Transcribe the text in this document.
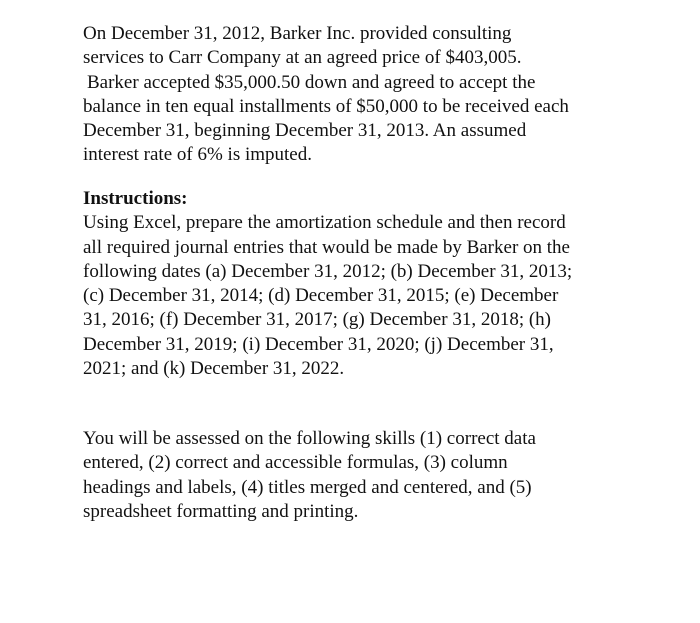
On December 31, 2012, Barker Inc. provided consulting
services to Carr Company at an agreed price of $403,005.
Barker accepted $35,000.50 down and agreed to accept the
balance in ten equal installments of $50,000 to be received each
December 31, beginning December 31, 2013. An assumed
interest rate of 6% is imputed.
Instructions:
Using Excel, prepare the amortization schedule and then record
all required journal entries that would be made by Barker on the
following dates (a) December 31, 2012; (b) December 31, 2013;
(c) December 31, 2014; (d) December 31, 2015; (e) December
31, 2016; (f) December 31, 2017; (g) December 31, 2018; (h)
December 31, 2019; (i) December 31, 2020; (j) December 31,
2021; and (k) December 31, 2022.
You will be assessed on the following skills (1) correct data
entered, (2) correct and accessible formulas, (3) column
headings and labels, (4) titles merged and centered, and (5)
spreadsheet formatting and printing.
